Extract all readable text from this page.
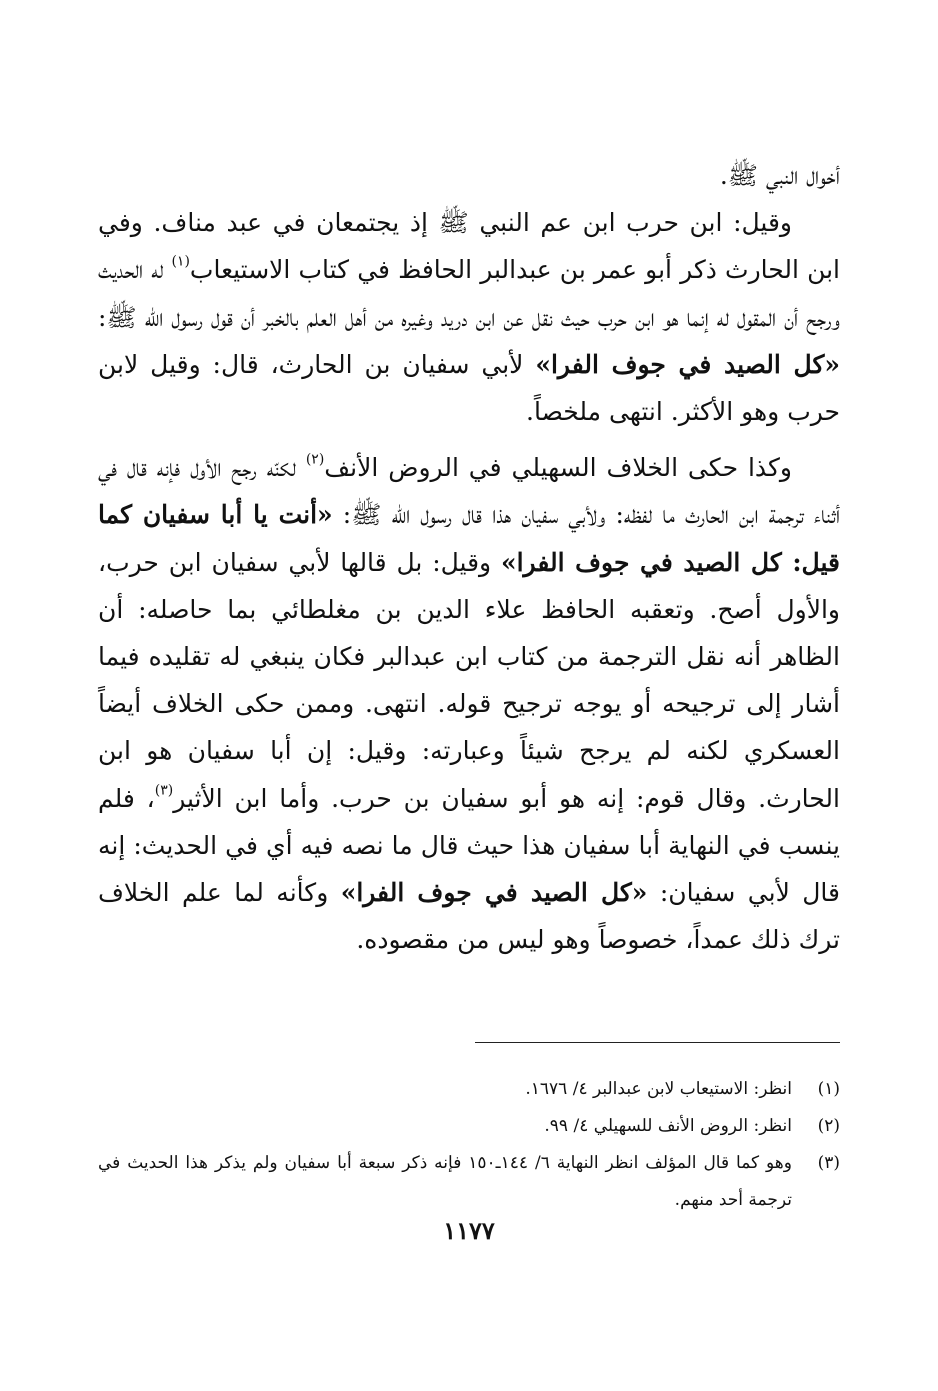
أخوال النبي ﷺ.

وقيل: ابن حرب ابن عم النبي ﷺ إذ يجتمعان في عبد مناف. وفي ابن الحارث ذكر أبو عمر بن عبدالبر الحافظ في كتاب الاستيعاب$^{(١)}$ له الحديث ورجح أن المقول له إنما هو ابن حرب حيث نقل عن ابن دريد وغيره من أهل العلم بالخبر أن قول رسول الله ﷺ: «كل الصيد في جوف الفرا» لأبي سفيان بن الحارث، قال: وقيل لابن حرب وهو الأكثر. انتهى ملخصاً.

وكذا حكى الخلاف السهيلي في الروض الأنف$^{(٢)}$ لكنّه رجح الأول فإنه قال في أثناء ترجمة ابن الحارث ما لفظه: ولأبي سفيان هذا قال رسول الله ﷺ: «أنت يا أبا سفيان كما قيل: كل الصيد في جوف الفرا» وقيل: بل قالها لأبي سفيان ابن حرب، والأول أصح. وتعقبه الحافظ علاء الدين بن مغلطائي بما حاصله: أن الظاهر أنه نقل الترجمة من كتاب ابن عبدالبر فكان ينبغي له تقليده فيما أشار إلى ترجيحه أو يوجه ترجيح قوله. انتهى. وممن حكى الخلاف أيضاً العسكري لكنه لم يرجح شيئاً وعبارته: وقيل: إن أبا سفيان هو ابن الحارث. وقال قوم: إنه هو أبو سفيان بن حرب. وأما ابن الأثير$^{(٣)}$، فلم ينسب في النهاية أبا سفيان هذا حيث قال ما نصه فيه أي في الحديث: إنه قال لأبي سفيان: «كل الصيد في جوف الفرا» وكأنه لما علم الخلاف ترك ذلك عمداً، خصوصاً وهو ليس من مقصوده.

(١)
انظر: الاستيعاب لابن عبدالبر ٤/ ١٦٧٦.
(٢)
انظر: الروض الأنف للسهيلي ٤/ ٩٩.
(٣)
وهو كما قال المؤلف انظر النهاية ٦/ ١٤٤ـ١٥٠ فإنه ذكر سبعة أبا سفيان ولم يذكر هذا الحديث في ترجمة أحد منهم.
١١٧٧
